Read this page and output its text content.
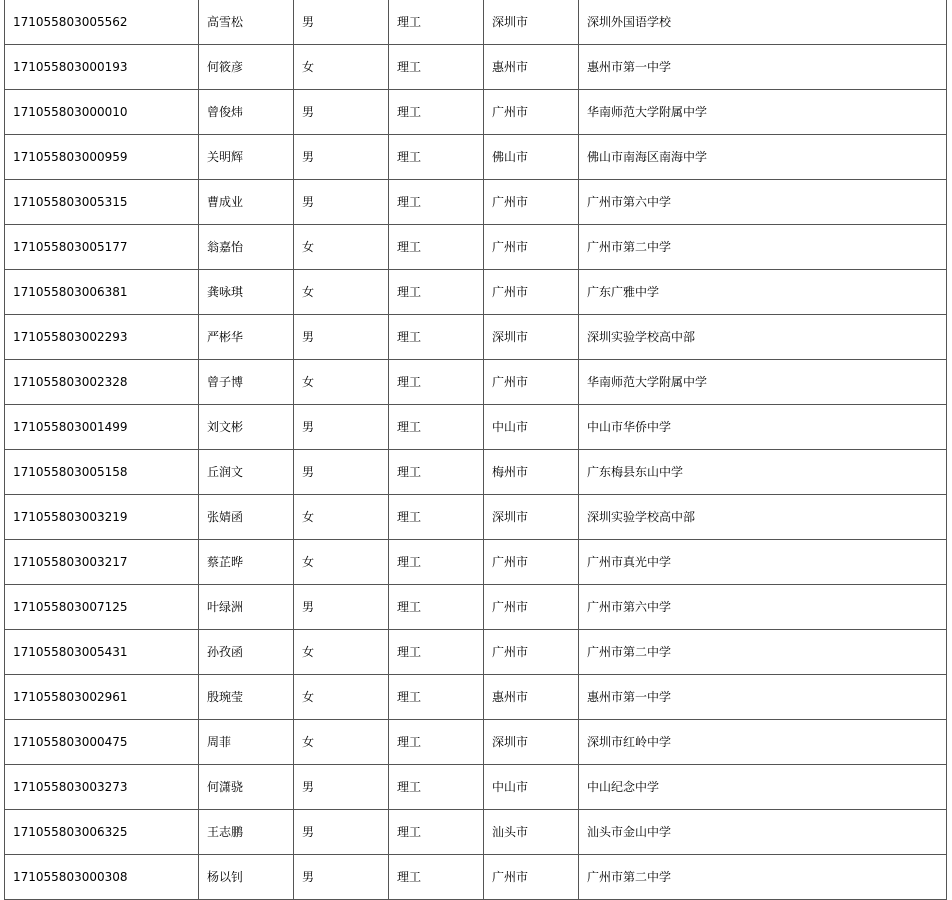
171055803005562	高雪松	男	理工	深圳市	深圳外国语学校
171055803000193	何筱彦	女	理工	惠州市	惠州市第一中学
171055803000010	曾俊炜	男	理工	广州市	华南师范大学附属中学
171055803000959	关明辉	男	理工	佛山市	佛山市南海区南海中学
171055803005315	曹成业	男	理工	广州市	广州市第六中学
171055803005177	翁嘉怡	女	理工	广州市	广州市第二中学
171055803006381	龚咏琪	女	理工	广州市	广东广雅中学
171055803002293	严彬华	男	理工	深圳市	深圳实验学校高中部
171055803002328	曾子博	女	理工	广州市	华南师范大学附属中学
171055803001499	刘文彬	男	理工	中山市	中山市华侨中学
171055803005158	丘润文	男	理工	梅州市	广东梅县东山中学
171055803003219	张婧函	女	理工	深圳市	深圳实验学校高中部
171055803003217	蔡芷晔	女	理工	广州市	广州市真光中学
171055803007125	叶绿洲	男	理工	广州市	广州市第六中学
171055803005431	孙孜函	女	理工	广州市	广州市第二中学
171055803002961	殷琬莹	女	理工	惠州市	惠州市第一中学
171055803000475	周菲	女	理工	深圳市	深圳市红岭中学
171055803003273	何潇骁	男	理工	中山市	中山纪念中学
171055803006325	王志鹏	男	理工	汕头市	汕头市金山中学
171055803000308	杨以钊	男	理工	广州市	广州市第二中学
